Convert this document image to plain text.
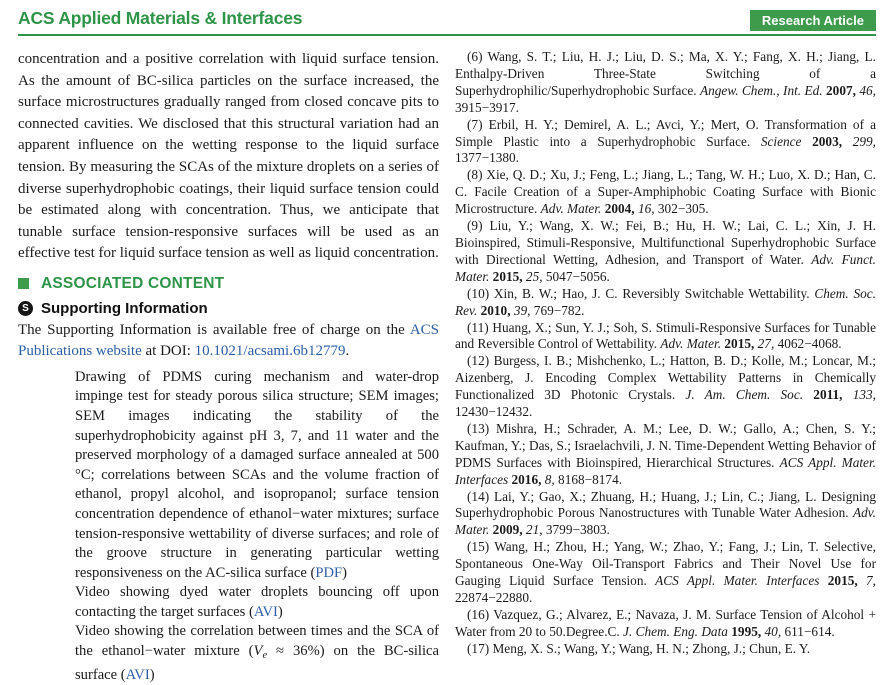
ACS Applied Materials & Interfaces	Research Article

concentration and a positive correlation with liquid surface tension. As the amount of BC-silica particles on the surface increased, the surface microstructures gradually ranged from closed concave pits to connected cavities. We disclosed that this structural variation had an apparent influence on the wetting response to the liquid surface tension. By measuring the SCAs of the mixture droplets on a series of diverse superhydrophobic coatings, their liquid surface tension could be estimated along with concentration. Thus, we anticipate that tunable surface tension-responsive surfaces will be used as an effective test for liquid surface tension as well as liquid concentration.

ASSOCIATED CONTENT
S Supporting Information

The Supporting Information is available free of charge on the ACS Publications website at DOI: 10.1021/acsami.6b12779.

Drawing of PDMS curing mechanism and water-drop impinge test for steady porous silica structure; SEM images; SEM images indicating the stability of the superhydrophobicity against pH 3, 7, and 11 water and the preserved morphology of a damaged surface annealed at 500 °C; correlations between SCAs and the volume fraction of ethanol, propyl alcohol, and isopropanol; surface tension concentration dependence of ethanol−water mixtures; surface tension-responsive wettability of diverse surfaces; and role of the groove structure in generating particular wetting responsiveness on the AC-silica surface (PDF)

Video showing dyed water droplets bouncing off upon contacting the target surfaces (AVI)

Video showing the correlation between times and the SCA of the ethanol−water mixture $(V_e \approx 36\%)$ on the BC-silica surface (AVI)

(6) Wang, S. T.; Liu, H. J.; Liu, D. S.; Ma, X. Y.; Fang, X. H.; Jiang, L. Enthalpy-Driven Three-State Switching of a Superhydrophilic/Superhydrophobic Surface. Angew. Chem., Int. Ed. 2007, 46, 3915−3917.

(7) Erbil, H. Y.; Demirel, A. L.; Avci, Y.; Mert, O. Transformation of a Simple Plastic into a Superhydrophobic Surface. Science 2003, 299, 1377−1380.

(8) Xie, Q. D.; Xu, J.; Feng, L.; Jiang, L.; Tang, W. H.; Luo, X. D.; Han, C. C. Facile Creation of a Super-Amphiphobic Coating Surface with Bionic Microstructure. Adv. Mater. 2004, 16, 302−305.

(9) Liu, Y.; Wang, X. W.; Fei, B.; Hu, H. W.; Lai, C. L.; Xin, J. H. Bioinspired, Stimuli-Responsive, Multifunctional Superhydrophobic Surface with Directional Wetting, Adhesion, and Transport of Water. Adv. Funct. Mater. 2015, 25, 5047−5056.

(10) Xin, B. W.; Hao, J. C. Reversibly Switchable Wettability. Chem. Soc. Rev. 2010, 39, 769−782.

(11) Huang, X.; Sun, Y. J.; Soh, S. Stimuli-Responsive Surfaces for Tunable and Reversible Control of Wettability. Adv. Mater. 2015, 27, 4062−4068.

(12) Burgess, I. B.; Mishchenko, L.; Hatton, B. D.; Kolle, M.; Loncar, M.; Aizenberg, J. Encoding Complex Wettability Patterns in Chemically Functionalized 3D Photonic Crystals. J. Am. Chem. Soc. 2011, 133, 12430−12432.

(13) Mishra, H.; Schrader, A. M.; Lee, D. W.; Gallo, A.; Chen, S. Y.; Kaufman, Y.; Das, S.; Israelachvili, J. N. Time-Dependent Wetting Behavior of PDMS Surfaces with Bioinspired, Hierarchical Structures. ACS Appl. Mater. Interfaces 2016, 8, 8168−8174.

(14) Lai, Y.; Gao, X.; Zhuang, H.; Huang, J.; Lin, C.; Jiang, L. Designing Superhydrophobic Porous Nanostructures with Tunable Water Adhesion. Adv. Mater. 2009, 21, 3799−3803.

(15) Wang, H.; Zhou, H.; Yang, W.; Zhao, Y.; Fang, J.; Lin, T. Selective, Spontaneous One-Way Oil-Transport Fabrics and Their Novel Use for Gauging Liquid Surface Tension. ACS Appl. Mater. Interfaces 2015, 7, 22874−22880.

(16) Vazquez, G.; Alvarez, E.; Navaza, J. M. Surface Tension of Alcohol + Water from 20 to 50.Degree.C. J. Chem. Eng. Data 1995, 40, 611−614.

(17) Meng, X. S.; Wang, Y.; Wang, H. N.; Zhong, J.; Chun, E. Y.
